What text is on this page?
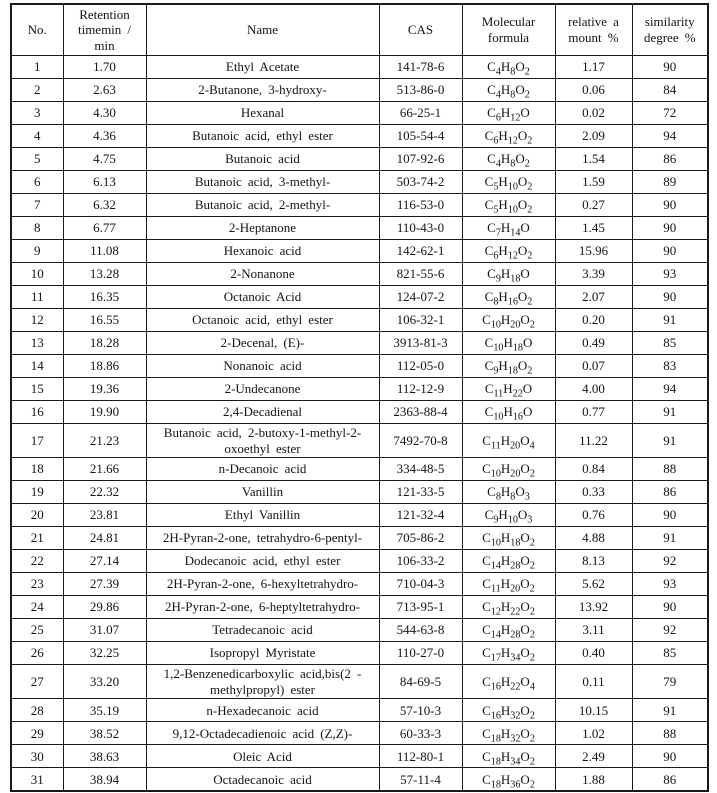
No.	Retention timemin / min	Name	CAS	Molecular formula	relative a mount %	similarity degree %
1	1.70	Ethyl Acetate	141-78-6	$C_4H_8O_2$	1.17	90
2	2.63	2-Butanone, 3-hydroxy-	513-86-0	$C_4H_8O_2$	0.06	84
3	4.30	Hexanal	66-25-1	$C_6H_{12}O$	0.02	72
4	4.36	Butanoic acid, ethyl ester	105-54-4	$C_6H_{12}O_2$	2.09	94
5	4.75	Butanoic acid	107-92-6	$C_4H_8O_2$	1.54	86
6	6.13	Butanoic acid, 3-methyl-	503-74-2	$C_5H_{10}O_2$	1.59	89
7	6.32	Butanoic acid, 2-methyl-	116-53-0	$C_5H_{10}O_2$	0.27	90
8	6.77	2-Heptanone	110-43-0	$C_7H_{14}O$	1.45	90
9	11.08	Hexanoic acid	142-62-1	$C_6H_{12}O_2$	15.96	90
10	13.28	2-Nonanone	821-55-6	$C_9H_{18}O$	3.39	93
11	16.35	Octanoic Acid	124-07-2	$C_8H_{16}O_2$	2.07	90
12	16.55	Octanoic acid, ethyl ester	106-32-1	$C_{10}H_{20}O_2$	0.20	91
13	18.28	2-Decenal, (E)-	3913-81-3	$C_{10}H_{18}O$	0.49	85
14	18.86	Nonanoic acid	112-05-0	$C_9H_{18}O_2$	0.07	83
15	19.36	2-Undecanone	112-12-9	$C_{11}H_{22}O$	4.00	94
16	19.90	2,4-Decadienal	2363-88-4	$C_{10}H_{16}O$	0.77	91
17	21.23	Butanoic acid, 2-butoxy-1-methyl-2-oxoethyl ester	7492-70-8	$C_{11}H_{20}O_4$	11.22	91
18	21.66	n-Decanoic acid	334-48-5	$C_{10}H_{20}O_2$	0.84	88
19	22.32	Vanillin	121-33-5	$C_8H_8O_3$	0.33	86
20	23.81	Ethyl Vanillin	121-32-4	$C_9H_{10}O_3$	0.76	90
21	24.81	2H-Pyran-2-one, tetrahydro-6-pentyl-	705-86-2	$C_{10}H_{18}O_2$	4.88	91
22	27.14	Dodecanoic acid, ethyl ester	106-33-2	$C_{14}H_{28}O_2$	8.13	92
23	27.39	2H-Pyran-2-one, 6-hexyltetrahydro-	710-04-3	$C_{11}H_{20}O_2$	5.62	93
24	29.86	2H-Pyran-2-one, 6-heptyltetrahydro-	713-95-1	$C_{12}H_{22}O_2$	13.92	90
25	31.07	Tetradecanoic acid	544-63-8	$C_{14}H_{28}O_2$	3.11	92
26	32.25	Isopropyl Myristate	110-27-0	$C_{17}H_{34}O_2$	0.40	85
27	33.20	1,2-Benzenedicarboxylic acid,bis(2 -methylpropyl) ester	84-69-5	$C_{16}H_{22}O_4$	0.11	79
28	35.19	n-Hexadecanoic acid	57-10-3	$C_{16}H_{32}O_2$	10.15	91
29	38.52	9,12-Octadecadienoic acid (Z,Z)-	60-33-3	$C_{18}H_{32}O_2$	1.02	88
30	38.63	Oleic Acid	112-80-1	$C_{18}H_{34}O_2$	2.49	90
31	38.94	Octadecanoic acid	57-11-4	$C_{18}H_{36}O_2$	1.88	86
